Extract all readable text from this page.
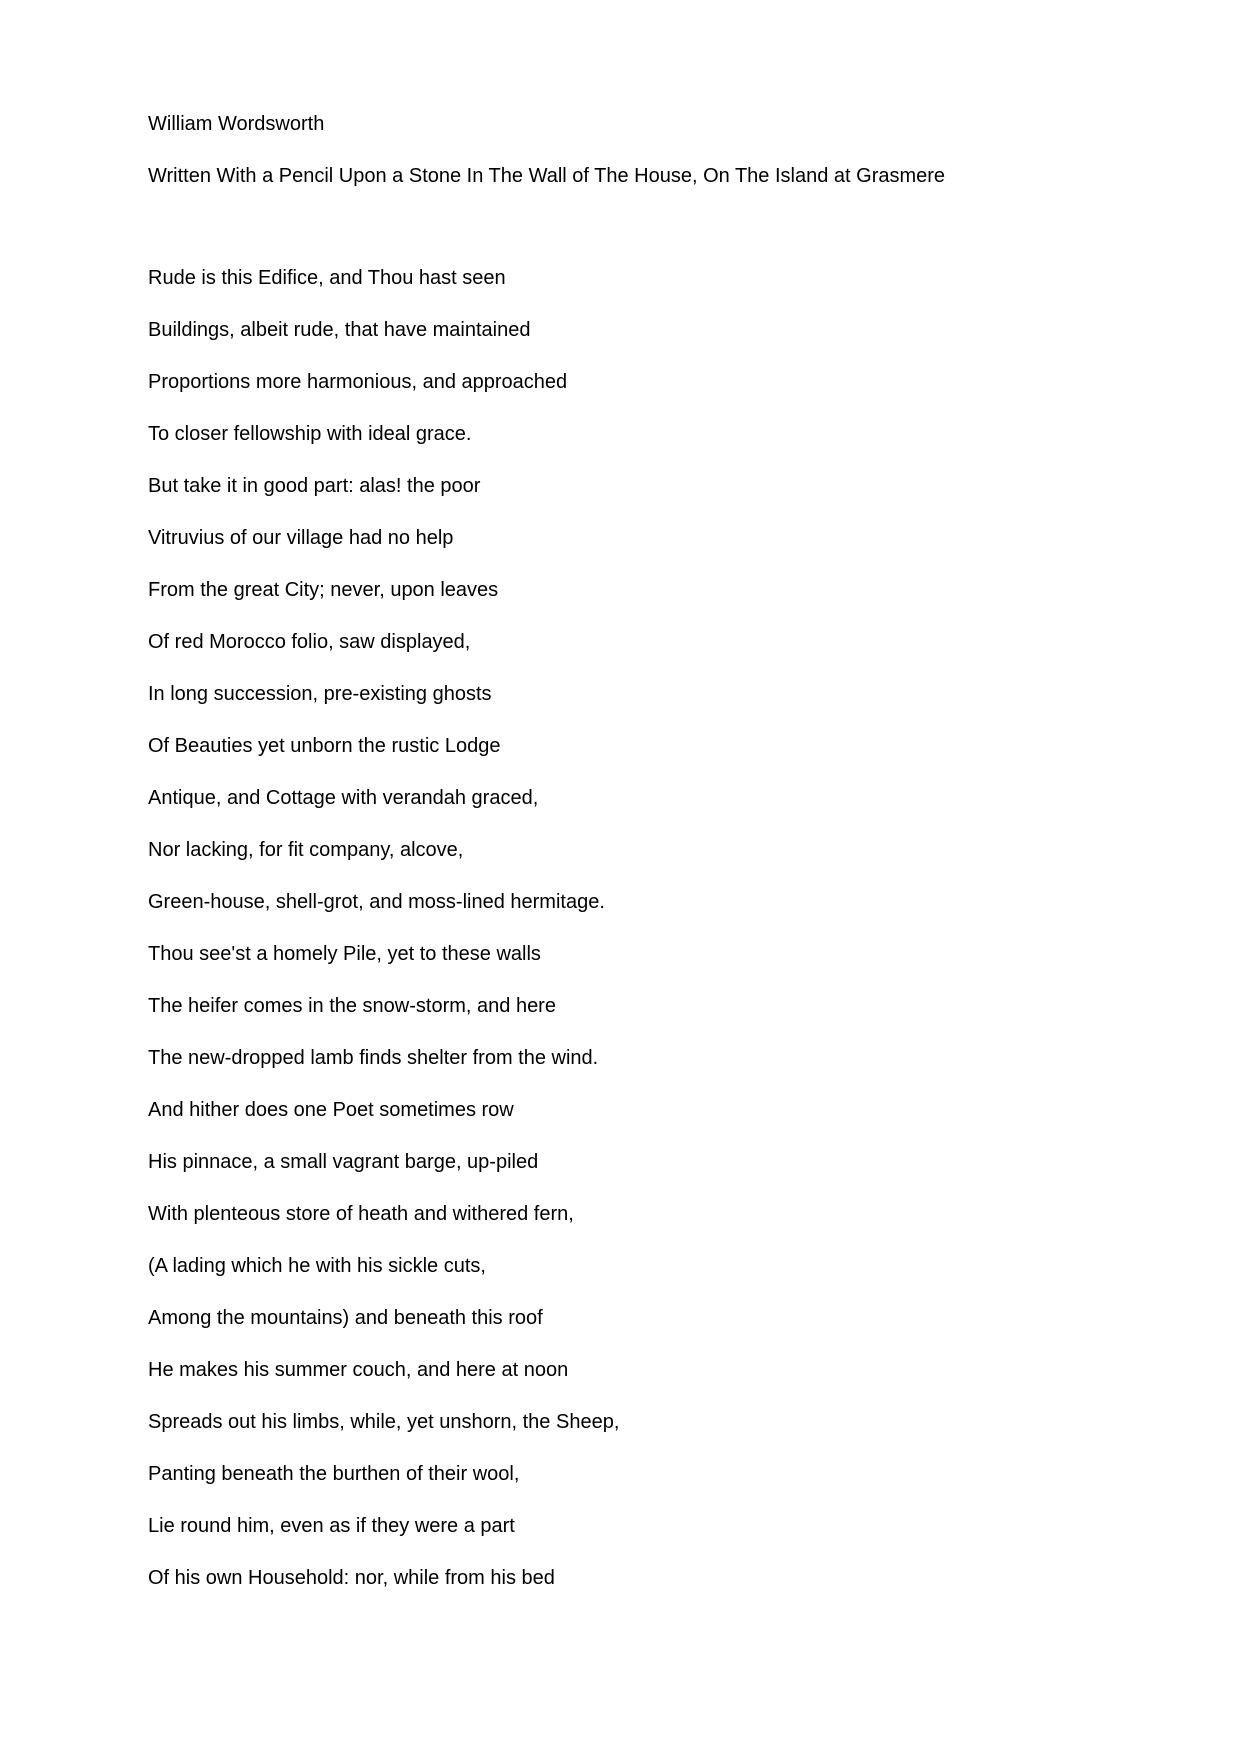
William Wordsworth
Written With a Pencil Upon a Stone In The Wall of The House, On The Island at Grasmere
Rude is this Edifice, and Thou hast seen
Buildings, albeit rude, that have maintained
Proportions more harmonious, and approached
To closer fellowship with ideal grace.
But take it in good part: alas! the poor
Vitruvius of our village had no help
From the great City; never, upon leaves
Of red Morocco folio, saw displayed,
In long succession, pre-existing ghosts
Of Beauties yet unborn the rustic Lodge
Antique, and Cottage with verandah graced,
Nor lacking, for fit company, alcove,
Green-house, shell-grot, and moss-lined hermitage.
Thou see'st a homely Pile, yet to these walls
The heifer comes in the snow-storm, and here
The new-dropped lamb finds shelter from the wind.
And hither does one Poet sometimes row
His pinnace, a small vagrant barge, up-piled
With plenteous store of heath and withered fern,
(A lading which he with his sickle cuts,
Among the mountains) and beneath this roof
He makes his summer couch, and here at noon
Spreads out his limbs, while, yet unshorn, the Sheep,
Panting beneath the burthen of their wool,
Lie round him, even as if they were a part
Of his own Household: nor, while from his bed
